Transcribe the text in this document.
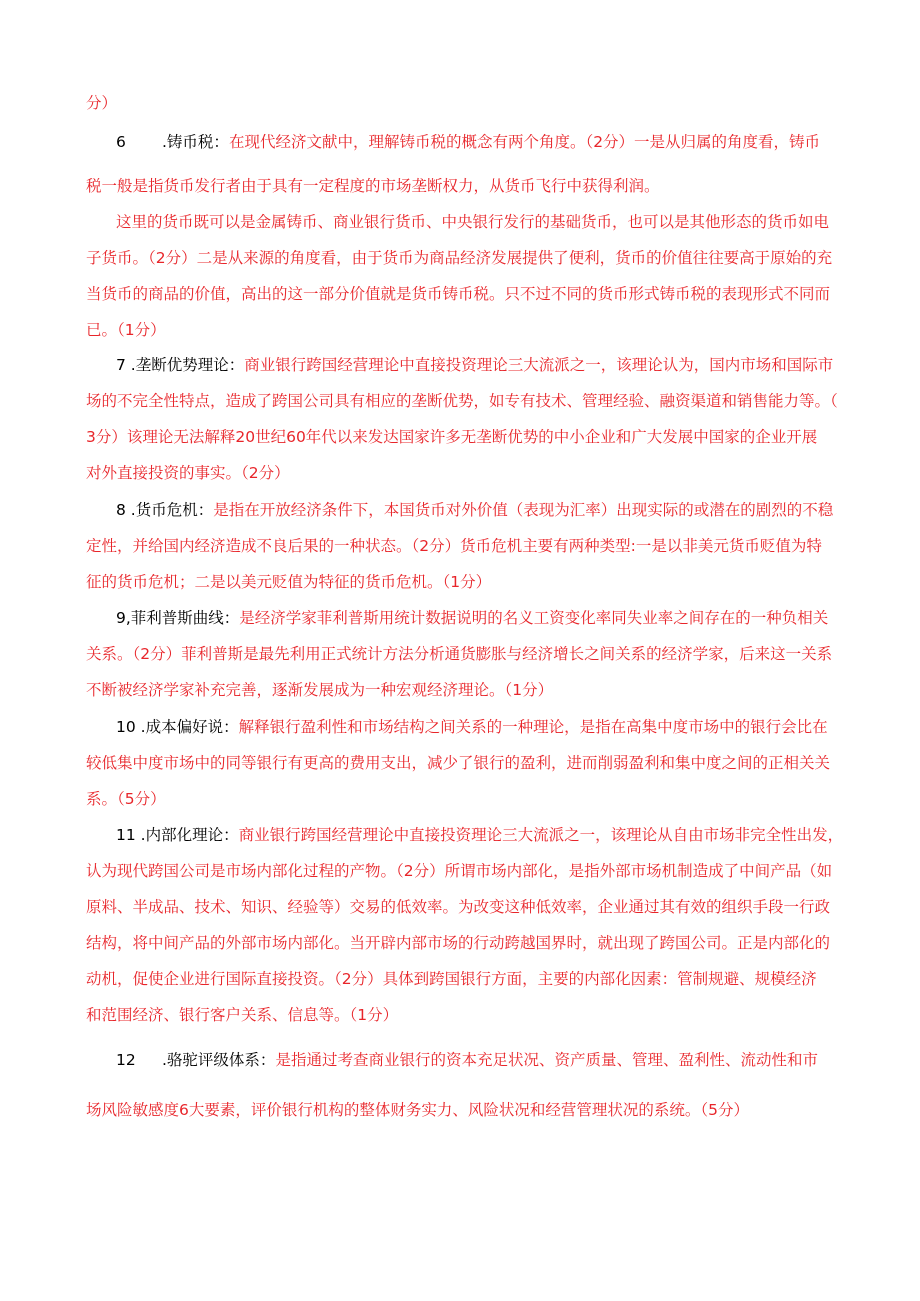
分）
6 .铸币税：在现代经济文献中，理解铸币税的概念有两个角度。（2分）一是从归属的角度看，铸币
税一般是指货币发行者由于具有一定程度的市场垄断权力，从货币飞行中获得利润。
这里的货币既可以是金属铸币、商业银行货币、中央银行发行的基础货币，也可以是其他形态的货币如电
子货币。（2分）二是从来源的角度看，由于货币为商品经济发展提供了便利，货币的价值往往要高于原始的充
当货币的商品的价值，高出的这一部分价值就是货币铸币税。只不过不同的货币形式铸币税的表现形式不同而
已。（1分）
7 .垄断优势理论：商业银行跨国经营理论中直接投资理论三大流派之一，该理论认为，国内市场和国际市
场的不完全性特点，造成了跨国公司具有相应的垄断优势，如专有技术、管理经验、融资渠道和销售能力等。（
3分）该理论无法解释20世纪60年代以来发达国家许多无垄断优势的中小企业和广大发展中国家的企业开展
对外直接投资的事实。（2分）
8 .货币危机：是指在开放经济条件下，本国货币对外价值（表现为汇率）出现实际的或潜在的剧烈的不稳
定性，并给国内经济造成不良后果的一种状态。（2分）货币危机主要有两种类型:一是以非美元货币贬值为特
征的货币危机；二是以美元贬值为特征的货币危机。（1分）
9,菲利普斯曲线：是经济学家菲利普斯用统计数据说明的名义工资变化率同失业率之间存在的一种负相关
关系。（2分）菲利普斯是最先利用正式统计方法分析通货膨胀与经济增长之间关系的经济学家，后来这一关系
不断被经济学家补充完善，逐渐发展成为一种宏观经济理论。（1分）
10 .成本偏好说：解释银行盈利性和市场结构之间关系的一种理论，是指在高集中度市场中的银行会比在
较低集中度市场中的同等银行有更高的费用支出，减少了银行的盈利，进而削弱盈利和集中度之间的正相关关
系。（5分）
11 .内部化理论：商业银行跨国经营理论中直接投资理论三大流派之一，该理论从自由市场非完全性出发，
认为现代跨国公司是市场内部化过程的产物。（2分）所谓市场内部化，是指外部市场机制造成了中间产品（如
原料、半成品、技术、知识、经验等）交易的低效率。为改变这种低效率，企业通过其有效的组织手段一行政
结构，将中间产品的外部市场内部化。当开辟内部市场的行动跨越国界时，就出现了跨国公司。正是内部化的
动机，促使企业进行国际直接投资。（2分）具体到跨国银行方面，主要的内部化因素：管制规避、规模经济
和范围经济、银行客户关系、信息等。（1分）
12 .骆驼评级体系：是指通过考查商业银行的资本充足状况、资产质量、管理、盈利性、流动性和市
场风险敏感度6大要素，评价银行机构的整体财务实力、风险状况和经营管理状况的系统。（5分）
